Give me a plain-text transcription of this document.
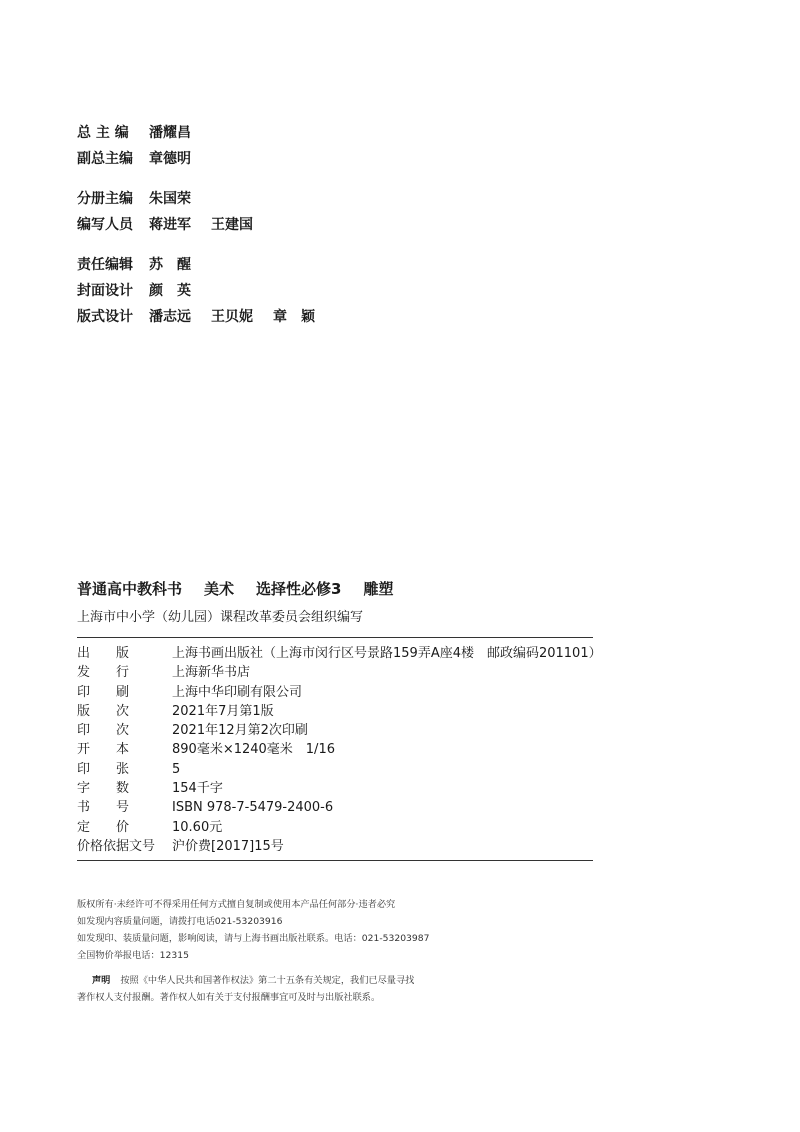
总 主 编	潘耀昌
副总主编	章德明
分册主编	朱国荣
编写人员	蒋进军 王建国
责任编辑	苏　醒
封面设计	颜　英
版式设计	潘志远 王贝妮 章　颖
普通高中教科书 美术 选择性必修3 雕塑
上海市中小学（幼儿园）课程改革委员会组织编写
出　　版	上海书画出版社（上海市闵行区号景路159弄A座4楼　邮政编码201101）
发　　行	上海新华书店
印　　刷	上海中华印刷有限公司
版　　次	2021年7月第1版
印　　次	2021年12月第2次印刷
开　　本	890毫米×1240毫米　1/16
印　　张	5
字　　数	154千字
书　　号	ISBN 978-7-5479-2400-6
定　　价	10.60元
价格依据文号	沪价费[2017]15号
版权所有·未经许可不得采用任何方式擅自复制或使用本产品任何部分·违者必究
如发现内容质量问题，请拨打电话021-53203916
如发现印、装质量问题，影响阅读，请与上海书画出版社联系。电话：021-53203987
全国物价举报电话：12315
声明 按照《中华人民共和国著作权法》第二十五条有关规定，我们已尽量寻找
著作权人支付报酬。著作权人如有关于支付报酬事宜可及时与出版社联系。
